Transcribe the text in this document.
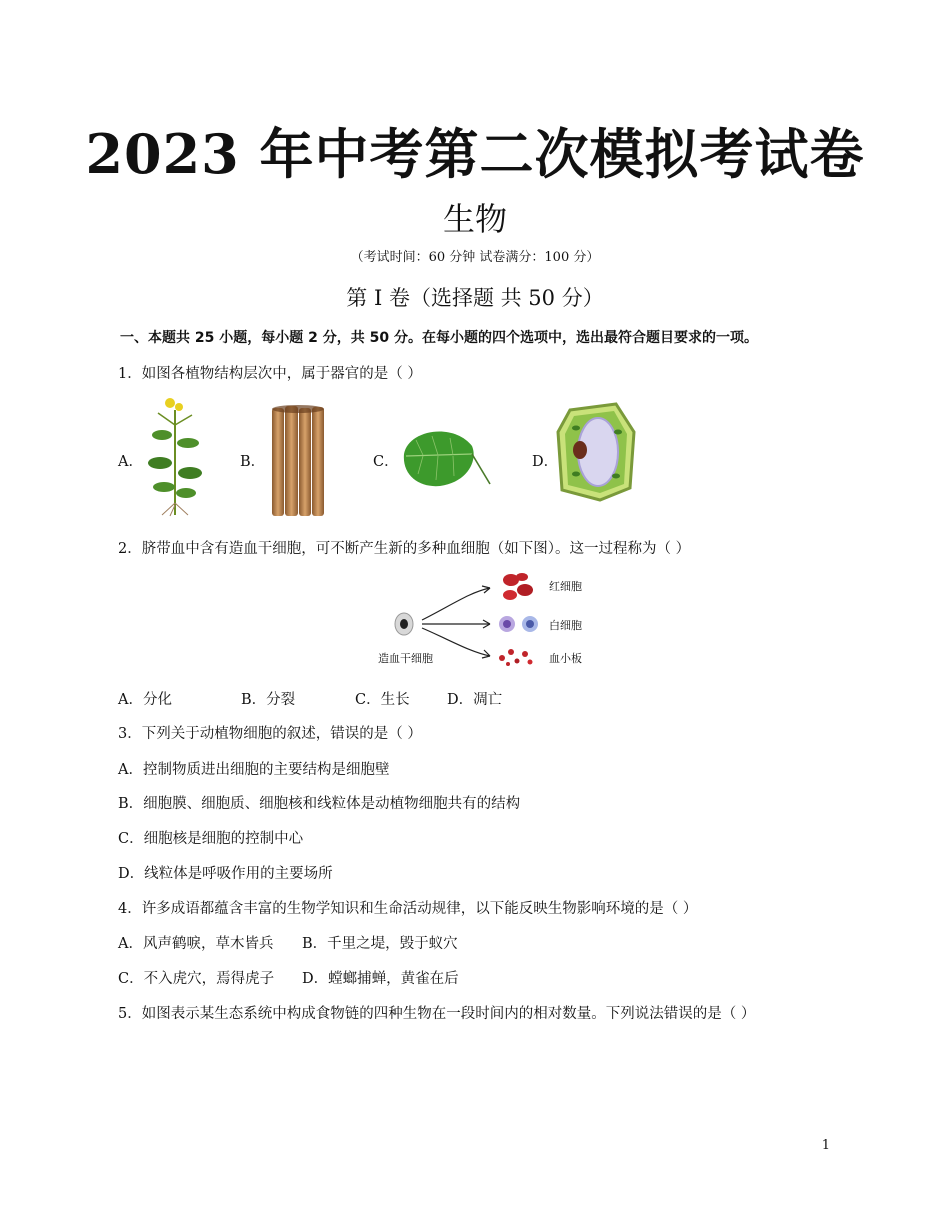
2023 年中考第二次模拟考试卷
生物
（考试时间：60 分钟 试卷满分：100 分）
第 I 卷（选择题 共 50 分）
一、本题共 25 小题，每小题 2 分，共 50 分。在每小题的四个选项中，选出最符合题目要求的一项。
1．如图各植物结构层次中，属于器官的是（ ）
A．	B．	C．	D．
2．脐带血中含有造血干细胞，可不断产生新的多种血细胞（如下图）。这一过程称为（ ）
红细胞
白细胞
血小板
造血干细胞
A．分化	B．分裂	C．生长	D．凋亡
3．下列关于动植物细胞的叙述，错误的是（ ）
A．控制物质进出细胞的主要结构是细胞壁
B．细胞膜、细胞质、细胞核和线粒体是动植物细胞共有的结构
C．细胞核是细胞的控制中心
D．线粒体是呼吸作用的主要场所
4．许多成语都蕴含丰富的生物学知识和生命活动规律，以下能反映生物影响环境的是（ ）
A．风声鹤唳，草木皆兵 B．千里之堤，毁于蚁穴
C．不入虎穴，焉得虎子 D．螳螂捕蝉，黄雀在后
5．如图表示某生态系统中构成食物链的四种生物在一段时间内的相对数量。下列说法错误的是（ ）
1
